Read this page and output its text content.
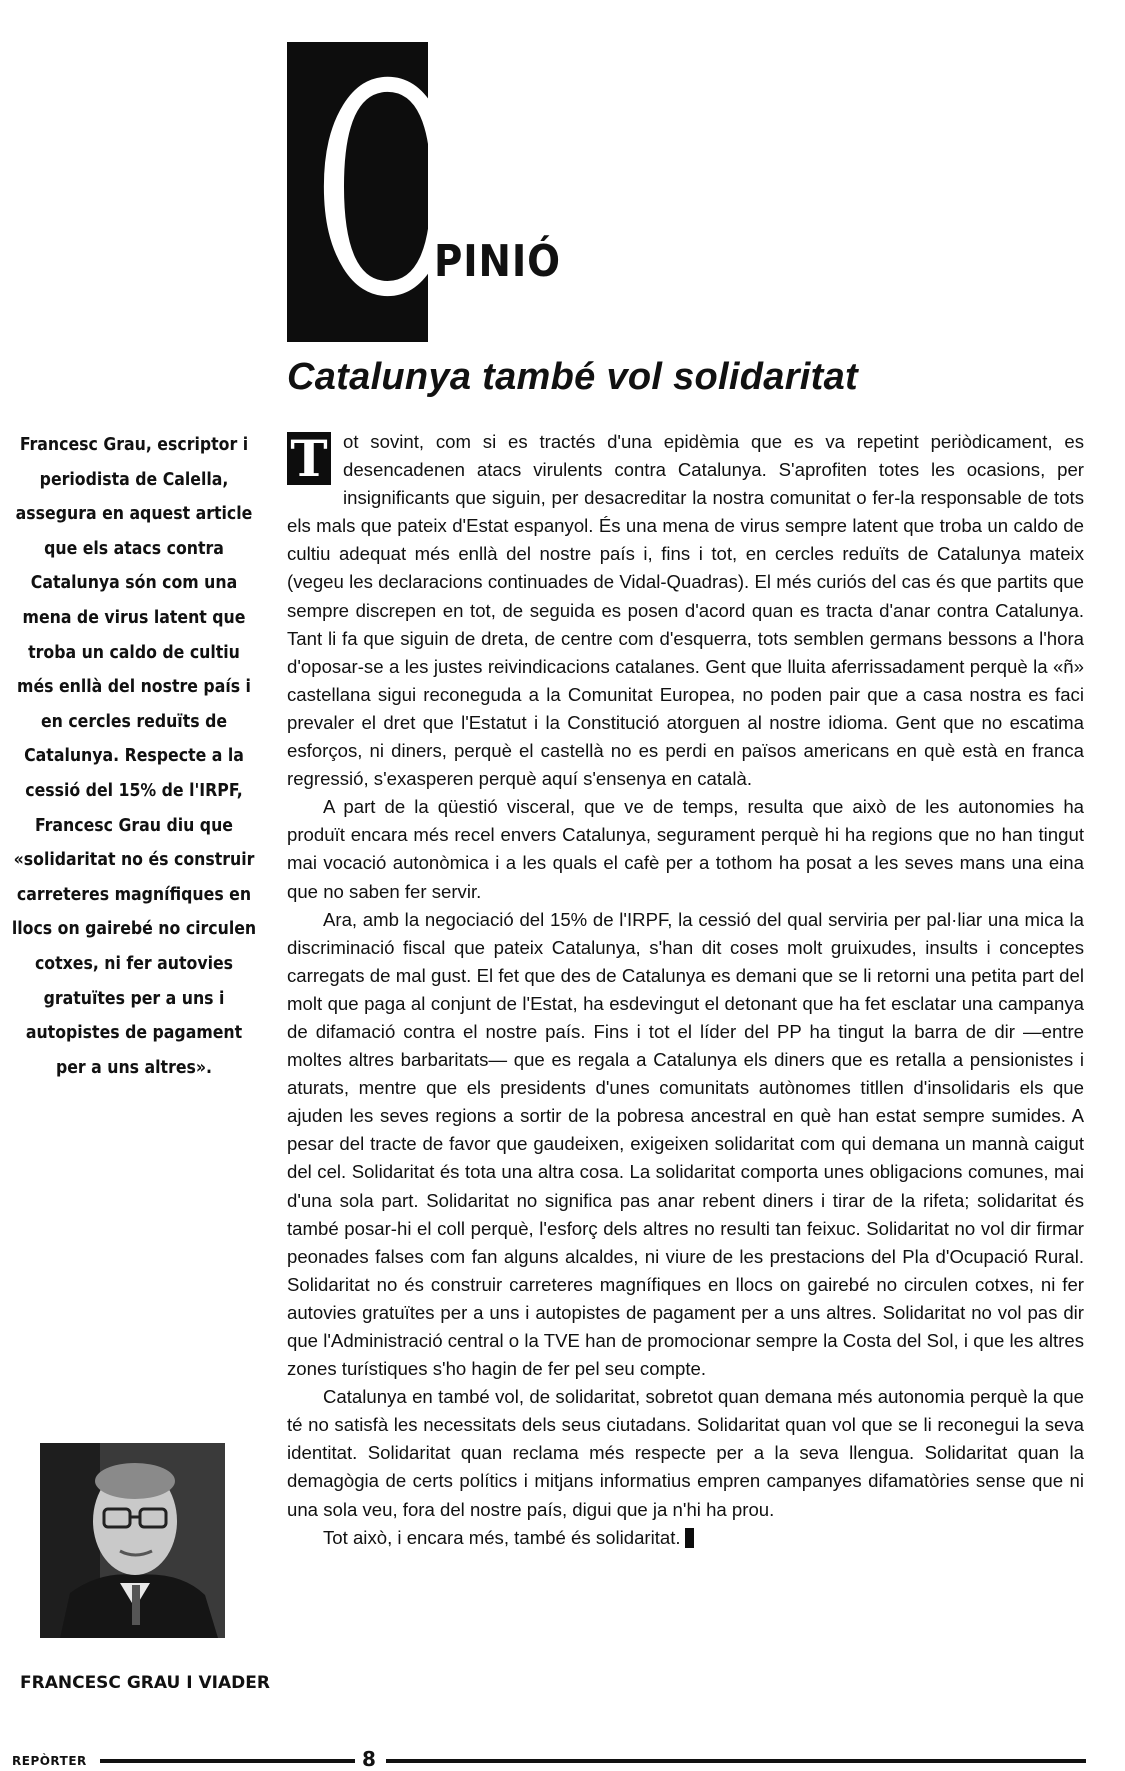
O
PINIÓ
Catalunya també vol solidaritat

Francesc Grau, escriptor i periodista de Calella, assegura en aquest article que els atacs contra Catalunya són com una mena de virus latent que troba un caldo de cultiu més enllà del nostre país i en cercles reduïts de Catalunya. Respecte a la cessió del 15% de l'IRPF, Francesc Grau diu que «solidaritat no és construir carreteres magnífiques en llocs on gairebé no circulen cotxes, ni fer autovies gratuïtes per a uns i autopistes de pagament per a uns altres».

FRANCESC GRAU I VIADER

T ot sovint, com si es tractés d'una epidèmia que es va repetint periòdicament, es desencadenen atacs virulents contra Catalunya. S'aprofiten totes les ocasions, per insignificants que siguin, per desacreditar la nostra comunitat o fer-la responsable de tots els mals que pateix d'Estat espanyol. És una mena de virus sempre latent que troba un caldo de cultiu adequat més enllà del nostre país i, fins i tot, en cercles reduïts de Catalunya mateix (vegeu les declaracions continuades de Vidal-Quadras). El més curiós del cas és que partits que sempre discrepen en tot, de seguida es posen d'acord quan es tracta d'anar contra Catalunya. Tant li fa que siguin de dreta, de centre com d'esquerra, tots semblen germans bessons a l'hora d'oposar-se a les justes reivindicacions catalanes. Gent que lluita aferrissadament perquè la «ñ» castellana sigui reconeguda a la Comunitat Europea, no poden pair que a casa nostra es faci prevaler el dret que l'Estatut i la Constitució atorguen al nostre idioma. Gent que no escatima esforços, ni diners, perquè el castellà no es perdi en països americans en què està en franca regressió, s'exasperen perquè aquí s'ensenya en català.

A part de la qüestió visceral, que ve de temps, resulta que això de les autonomies ha produït encara més recel envers Catalunya, segurament perquè hi ha regions que no han tingut mai vocació autonòmica i a les quals el cafè per a tothom ha posat a les seves mans una eina que no saben fer servir.

Ara, amb la negociació del 15% de l'IRPF, la cessió del qual serviria per pal·liar una mica la discriminació fiscal que pateix Catalunya, s'han dit coses molt gruixudes, insults i conceptes carregats de mal gust. El fet que des de Catalunya es demani que se li retorni una petita part del molt que paga al conjunt de l'Estat, ha esdevingut el detonant que ha fet esclatar una campanya de difamació contra el nostre país. Fins i tot el líder del PP ha tingut la barra de dir —entre moltes altres barbaritats— que es regala a Catalunya els diners que es retalla a pensionistes i aturats, mentre que els presidents d'unes comunitats autònomes titllen d'insolidaris els que ajuden les seves regions a sortir de la pobresa ancestral en què han estat sempre sumides. A pesar del tracte de favor que gaudeixen, exigeixen solidaritat com qui demana un mannà caigut del cel. Solidaritat és tota una altra cosa. La solidaritat comporta unes obligacions comunes, mai d'una sola part. Solidaritat no significa pas anar rebent diners i tirar de la rifeta; solidaritat és també posar-hi el coll perquè, l'esforç dels altres no resulti tan feixuc. Solidaritat no vol dir firmar peonades falses com fan alguns alcaldes, ni viure de les prestacions del Pla d'Ocupació Rural. Solidaritat no és construir carreteres magnífiques en llocs on gairebé no circulen cotxes, ni fer autovies gratuïtes per a uns i autopistes de pagament per a uns altres. Solidaritat no vol pas dir que l'Administració central o la TVE han de promocionar sempre la Costa del Sol, i que les altres zones turístiques s'ho hagin de fer pel seu compte.

Catalunya en també vol, de solidaritat, sobretot quan demana més autonomia perquè la que té no satisfà les necessitats dels seus ciutadans. Solidaritat quan vol que se li reconegui la seva identitat. Solidaritat quan reclama més respecte per a la seva llengua. Solidaritat quan la demagògia de certs polítics i mitjans informatius empren campanyes difamatòries sense que ni una sola veu, fora del nostre país, digui que ja n'hi ha prou.

Tot això, i encara més, també és solidaritat.

REPÒRTER	8
